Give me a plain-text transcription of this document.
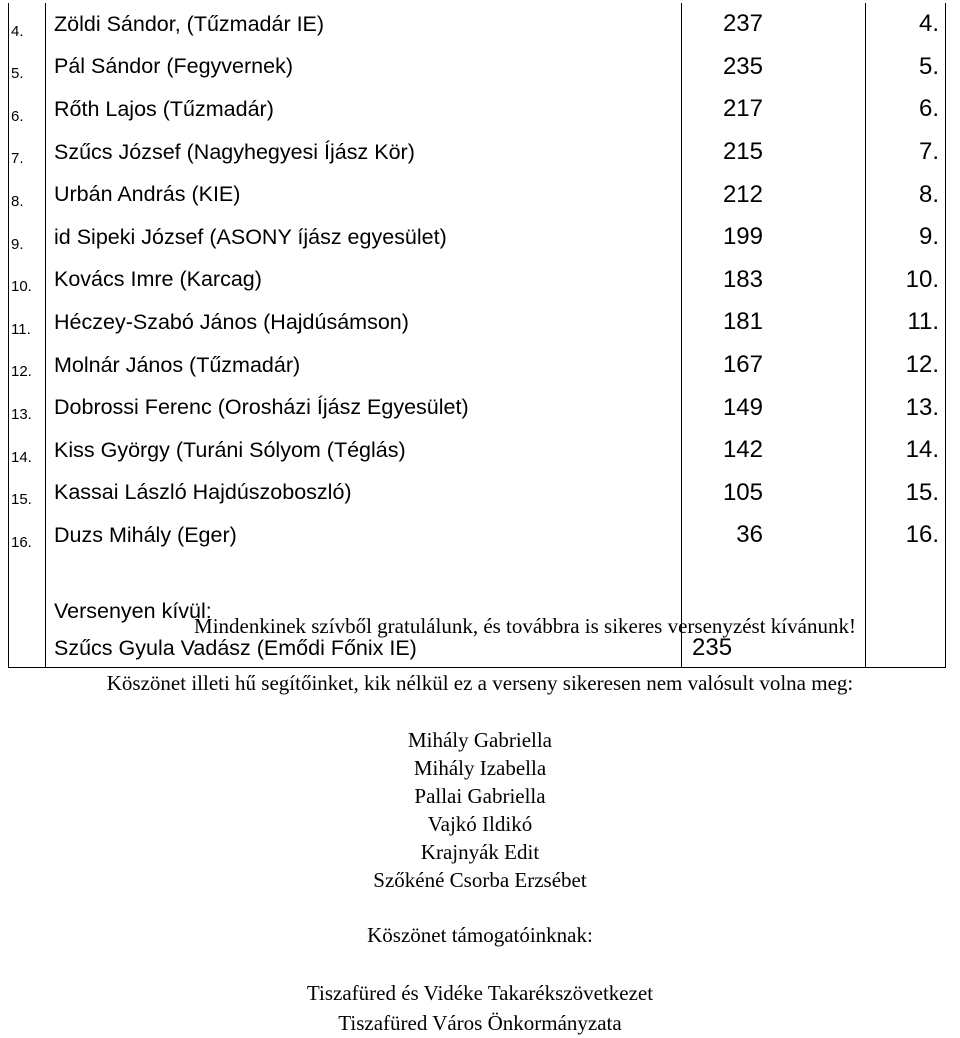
4.	Zöldi Sándor, (Tűzmadár IE)	237	4.
5.	Pál Sándor (Fegyvernek)	235	5.
6.	Rőth Lajos (Tűzmadár)	217	6.
7.	Szűcs József (Nagyhegyesi Íjász Kör)	215	7.
8.	Urbán András (KIE)	212	8.
9.	id Sipeki József (ASONY íjász egyesület)	199	9.
10.	Kovács Imre (Karcag)	183	10.
11.	Héczey-Szabó János (Hajdúsámson)	181	11.
12.	Molnár János (Tűzmadár)	167	12.
13.	Dobrossi Ferenc (Orosházi Íjász Egyesület)	149	13.
14.	Kiss György (Turáni Sólyom (Téglás)	142	14.
15.	Kassai László Hajdúszoboszló)	105	15.
16.	Duzs Mihály (Eger)	36	16.

	Versenyen kívül:		
	Szűcs Gyula Vadász (Emődi Főnix IE)	235	
Mindenkinek szívből gratulálunk, és továbbra is sikeres versenyzést kívánunk!
Köszönet illeti hű segítőinket, kik nélkül ez a verseny sikeresen nem valósult volna meg:
Mihály Gabriella
Mihály Izabella
Pallai Gabriella
Vajkó Ildikó
Krajnyák Edit
Szőkéné Csorba Erzsébet
Köszönet támogatóinknak:
Tiszafüred és Vidéke Takarékszövetkezet
Tiszafüred Város Önkormányzata
